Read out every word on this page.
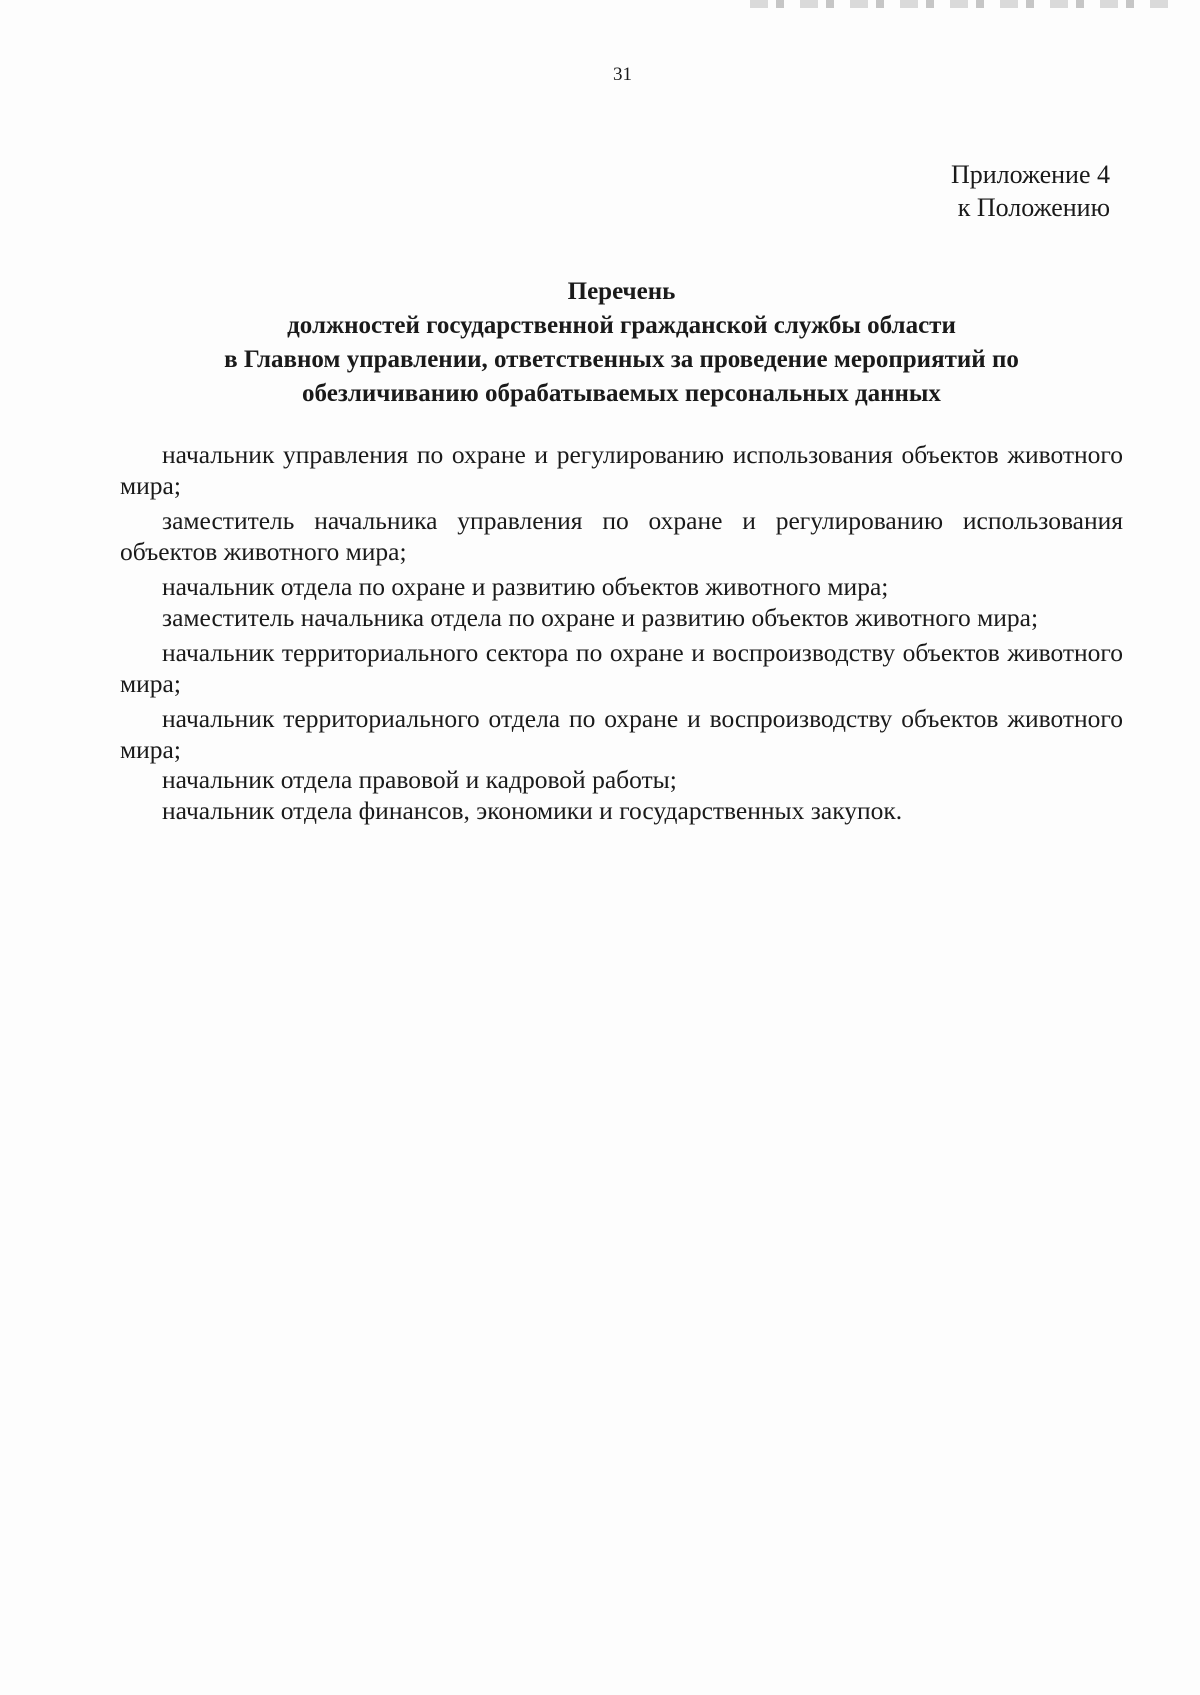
31
Приложение 4
к Положению
Перечень
должностей государственной гражданской службы области
в Главном управлении, ответственных за проведение мероприятий по
обезличиванию обрабатываемых персональных данных

начальник управления по охране и регулированию использования объектов животного мира;

заместитель начальника управления по охране и регулированию использования объектов животного мира;

начальник отдела по охране и развитию объектов животного мира;

заместитель начальника отдела по охране и развитию объектов животного мира;

начальник территориального сектора по охране и воспроизводству объектов животного мира;

начальник территориального отдела по охране и воспроизводству объектов животного мира;

начальник отдела правовой и кадровой работы;

начальник отдела финансов, экономики и государственных закупок.
